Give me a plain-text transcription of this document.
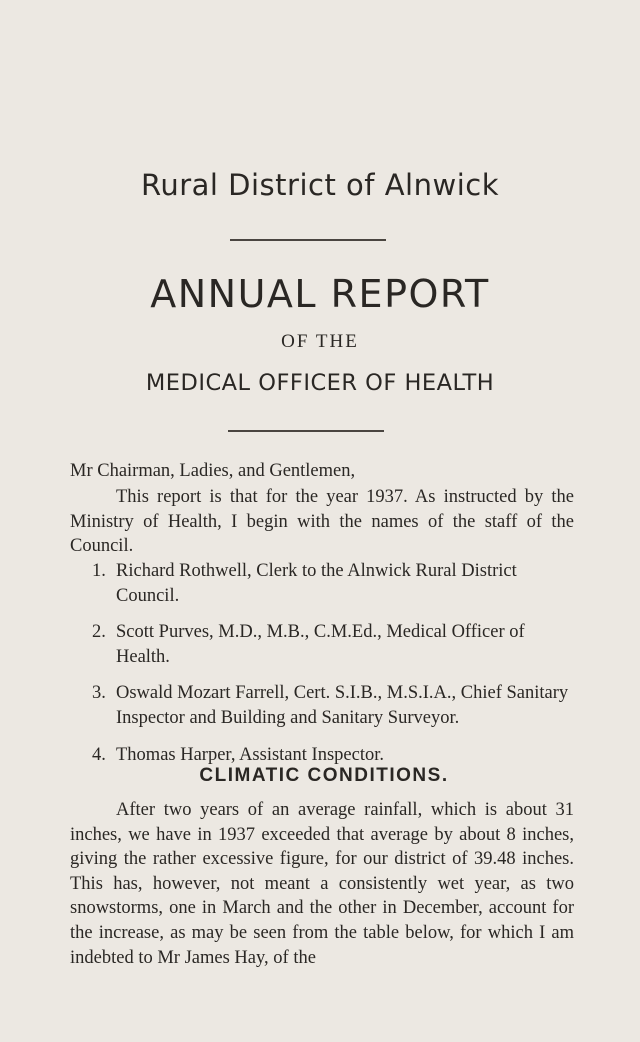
Rural District of Alnwick
ANNUAL REPORT
OF THE
MEDICAL OFFICER OF HEALTH
Mr Chairman, Ladies, and Gentlemen,

This report is that for the year 1937. As instructed by the Ministry of Health, I begin with the names of the staff of the Council.

1. Richard Rothwell, Clerk to the Alnwick Rural District Council.
2. Scott Purves, M.D., M.B., C.M.Ed., Medical Officer of Health.
3. Oswald Mozart Farrell, Cert. S.I.B., M.S.I.A., Chief Sanitary Inspector and Building and Sanitary Surveyor.
4. Thomas Harper, Assistant Inspector.
CLIMATIC CONDITIONS.

After two years of an average rainfall, which is about 31 inches, we have in 1937 exceeded that average by about 8 inches, giving the rather excessive figure, for our district of 39.48 inches. This has, however, not meant a consistently wet year, as two snowstorms, one in March and the other in December, account for the increase, as may be seen from the table below, for which I am indebted to Mr James Hay, of the
